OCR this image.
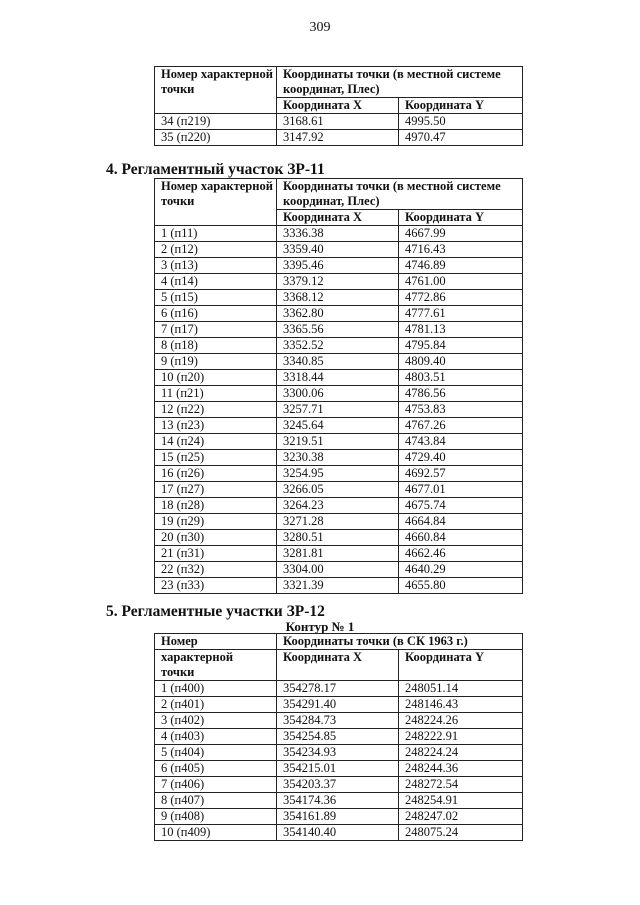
309
Номер характерной точки	Координаты точки (в местной системе координат, Плес)	
	Координата X	Координата Y
34 (п219)	3168.61	4995.50
35 (п220)	3147.92	4970.47
4. Регламентный участок ЗР-11
Номер характерной точки	Координаты точки (в местной системе координат, Плес)	
	Координата X	Координата Y
1 (п11)	3336.38	4667.99
2 (п12)	3359.40	4716.43
3 (п13)	3395.46	4746.89
4 (п14)	3379.12	4761.00
5 (п15)	3368.12	4772.86
6 (п16)	3362.80	4777.61
7 (п17)	3365.56	4781.13
8 (п18)	3352.52	4795.84
9 (п19)	3340.85	4809.40
10 (п20)	3318.44	4803.51
11 (п21)	3300.06	4786.56
12 (п22)	3257.71	4753.83
13 (п23)	3245.64	4767.26
14 (п24)	3219.51	4743.84
15 (п25)	3230.38	4729.40
16 (п26)	3254.95	4692.57
17 (п27)	3266.05	4677.01
18 (п28)	3264.23	4675.74
19 (п29)	3271.28	4664.84
20 (п30)	3280.51	4660.84
21 (п31)	3281.81	4662.46
22 (п32)	3304.00	4640.29
23 (п33)	3321.39	4655.80
5. Регламентные участки ЗР-12
Контур № 1
Номер	Координаты точки (в СК 1963 г.)	
характерной
точки	Координата X	Координата Y
1 (п400)	354278.17	248051.14
2 (п401)	354291.40	248146.43
3 (п402)	354284.73	248224.26
4 (п403)	354254.85	248222.91
5 (п404)	354234.93	248224.24
6 (п405)	354215.01	248244.36
7 (п406)	354203.37	248272.54
8 (п407)	354174.36	248254.91
9 (п408)	354161.89	248247.02
10 (п409)	354140.40	248075.24
